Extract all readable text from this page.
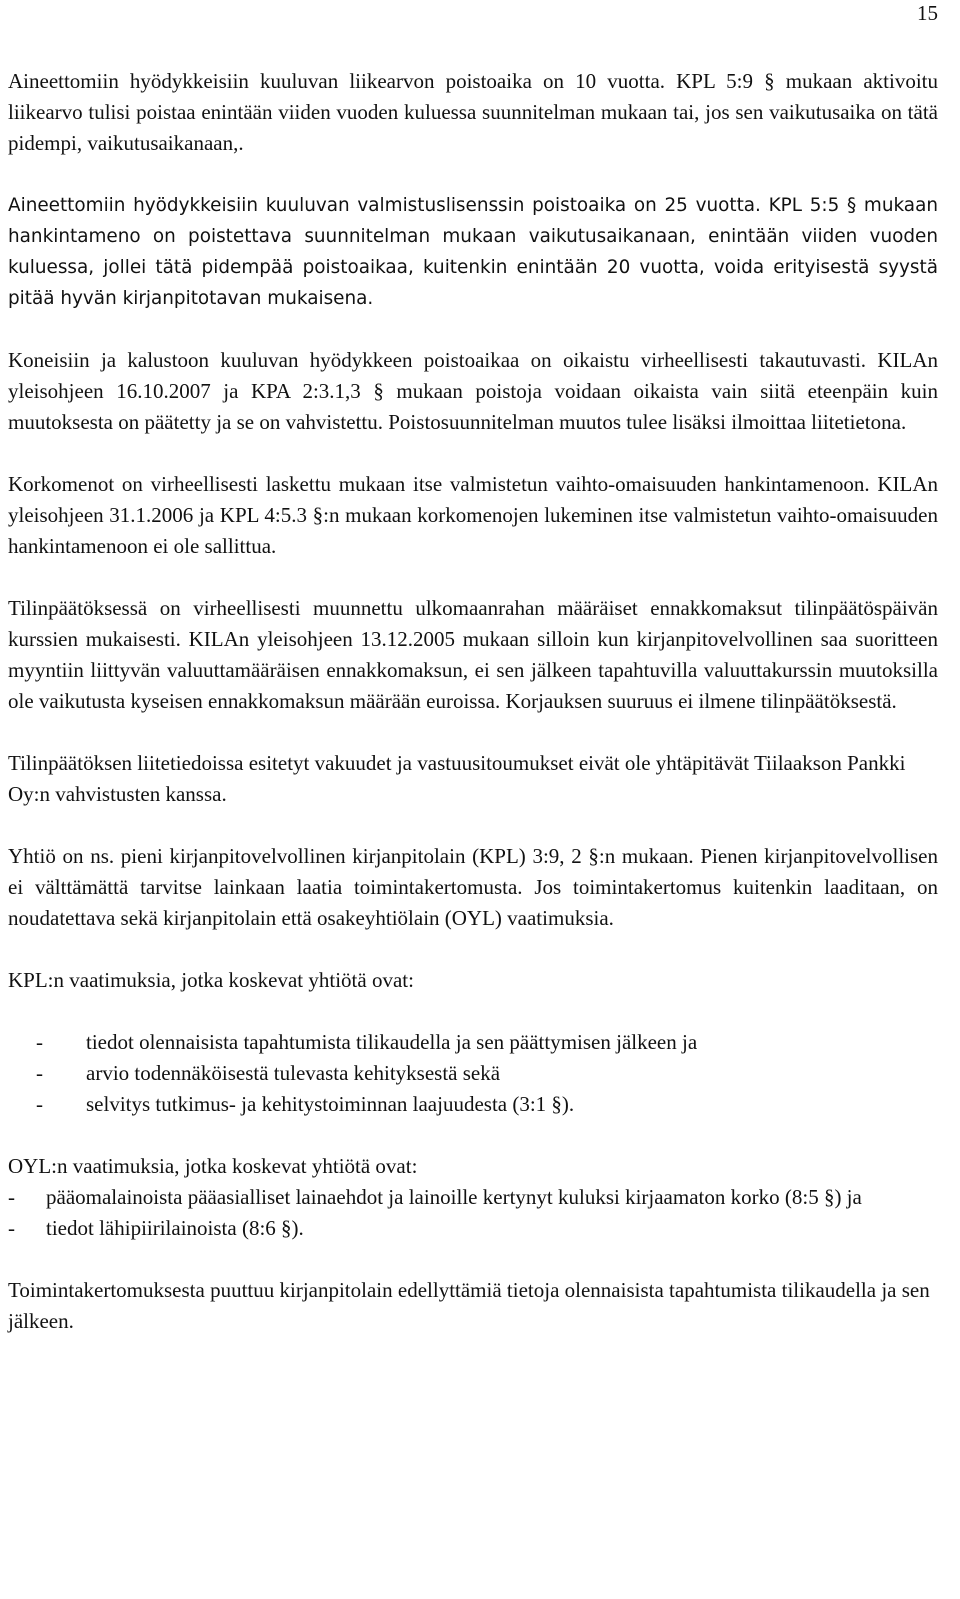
15

Aineettomiin hyödykkeisiin kuuluvan liikearvon poistoaika on 10 vuotta. KPL 5:9 § mukaan aktivoitu liikearvo tulisi poistaa enintään viiden vuoden kuluessa suunnitelman mukaan tai, jos sen vaikutusaika on tätä pidempi, vaikutusaikanaan,.

Aineettomiin hyödykkeisiin kuuluvan valmistuslisenssin poistoaika on 25 vuotta. KPL 5:5 § mukaan hankintameno on poistettava suunnitelman mukaan vaikutusaikanaan, enintään viiden vuoden kuluessa, jollei tätä pidempää poistoaikaa, kuitenkin enintään 20 vuotta, voida erityisestä syystä pitää hyvän kirjanpitotavan mukaisena.

Koneisiin ja kalustoon kuuluvan hyödykkeen poistoaikaa on oikaistu virheellisesti takautuvasti. KILAn yleisohjeen 16.10.2007 ja KPA 2:3.1,3 § mukaan poistoja voidaan oikaista vain siitä eteenpäin kuin muutoksesta on päätetty ja se on vahvistettu. Poistosuunnitelman muutos tulee lisäksi ilmoittaa liitetietona.

Korkomenot on virheellisesti laskettu mukaan itse valmistetun vaihto-omaisuuden hankintamenoon. KILAn yleisohjeen 31.1.2006 ja KPL 4:5.3 §:n mukaan korkomenojen lukeminen itse valmistetun vaihto-omaisuuden hankintamenoon ei ole sallittua.

Tilinpäätöksessä on virheellisesti muunnettu ulkomaanrahan määräiset ennakkomaksut tilinpäätöspäivän kurssien mukaisesti. KILAn yleisohjeen 13.12.2005 mukaan silloin kun kirjanpitovelvollinen saa suoritteen myyntiin liittyvän valuuttamääräisen ennakkomaksun, ei sen jälkeen tapahtuvilla valuuttakurssin muutoksilla ole vaikutusta kyseisen ennakkomaksun määrään euroissa. Korjauksen suuruus ei ilmene tilinpäätöksestä.

Tilinpäätöksen liitetiedoissa esitetyt vakuudet ja vastuusitoumukset eivät ole yhtäpitävät Tiilaakson Pankki Oy:n vahvistusten kanssa.

Yhtiö on ns. pieni kirjanpitovelvollinen kirjanpitolain (KPL) 3:9, 2 §:n mukaan. Pienen kirjanpitovelvollisen ei välttämättä tarvitse lainkaan laatia toimintakertomusta. Jos toimintakertomus kuitenkin laaditaan, on noudatettava sekä kirjanpitolain että osakeyhtiölain (OYL) vaatimuksia.

KPL:n vaatimuksia, jotka koskevat yhtiötä ovat:

- tiedot olennaisista tapahtumista tilikaudella ja sen päättymisen jälkeen ja
- arvio todennäköisestä tulevasta kehityksestä sekä
- selvitys tutkimus- ja kehitystoiminnan laajuudesta (3:1 §).

OYL:n vaatimuksia, jotka koskevat yhtiötä ovat:

- pääomalainoista pääasialliset lainaehdot ja lainoille kertynyt kuluksi kirjaamaton korko (8:5 §) ja
- tiedot lähipiirilainoista (8:6 §).

Toimintakertomuksesta puuttuu kirjanpitolain edellyttämiä tietoja olennaisista tapahtumista tilikaudella ja sen jälkeen.
